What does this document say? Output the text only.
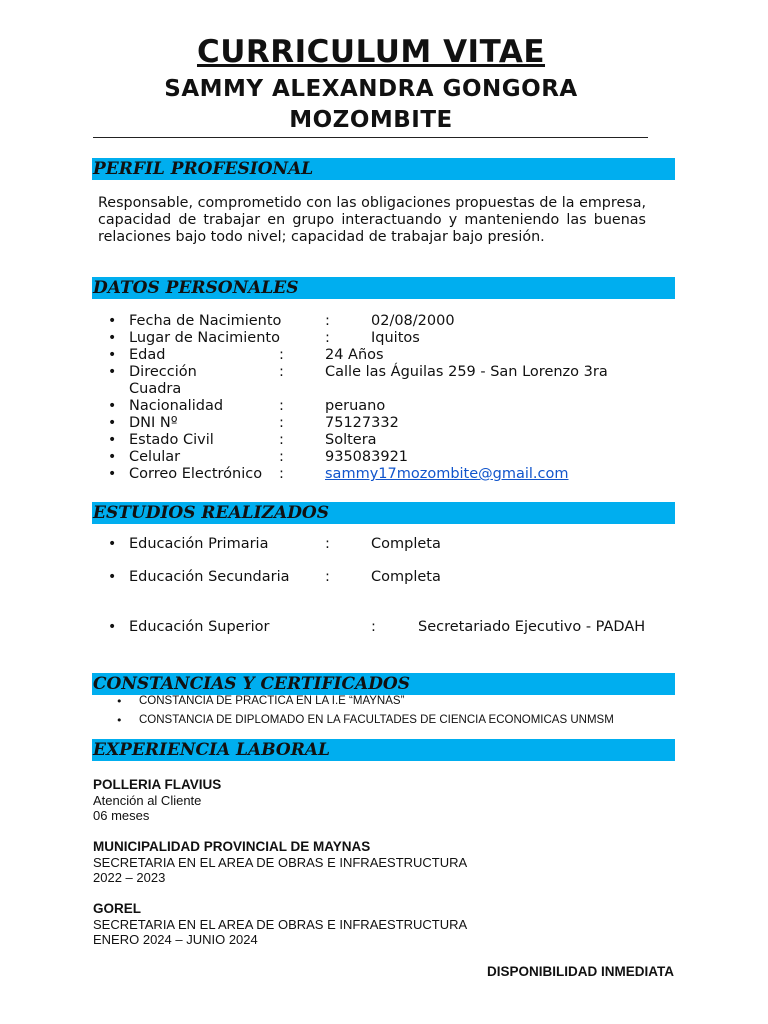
CURRICULUM VITAE
SAMMY ALEXANDRA GONGORA
MOZOMBITE
PERFIL PROFESIONAL
Responsable, comprometido con las obligaciones propuestas de la empresa, capacidad de trabajar en grupo interactuando y manteniendo las buenas relaciones bajo todo nivel; capacidad de trabajar bajo presión.
DATOS PERSONALES
• Fecha de Nacimiento	:	02/08/2000
• Lugar de Nacimiento	:	Iquitos
• Edad	:	24 Años
• Dirección	:	Calle las Águilas 259 - San Lorenzo 3ra
Cuadra
• Nacionalidad	:	peruano
• DNI Nº	:	75127332
• Estado Civil	:	Soltera
• Celular	:	935083921
• Correo Electrónico :	sammy17mozombite@gmail.com
ESTUDIOS REALIZADOS
• Educación Primaria	:	Completa
• Educación Secundaria :	Completa
• Educación Superior	:	Secretariado Ejecutivo - PADAH
CONSTANCIAS Y CERTIFICADOS
• CONSTANCIA DE PRACTICA EN LA I.E “MAYNAS”
• CONSTANCIA DE DIPLOMADO EN LA FACULTADES DE CIENCIA ECONOMICAS UNMSM
EXPERIENCIA LABORAL
POLLERIA FLAVIUS
Atención al Cliente
06 meses
MUNICIPALIDAD PROVINCIAL DE MAYNAS
SECRETARIA EN EL AREA DE OBRAS E INFRAESTRUCTURA
2022 – 2023
GOREL
SECRETARIA EN EL AREA DE OBRAS E INFRAESTRUCTURA
ENERO 2024 – JUNIO 2024
DISPONIBILIDAD INMEDIATA
